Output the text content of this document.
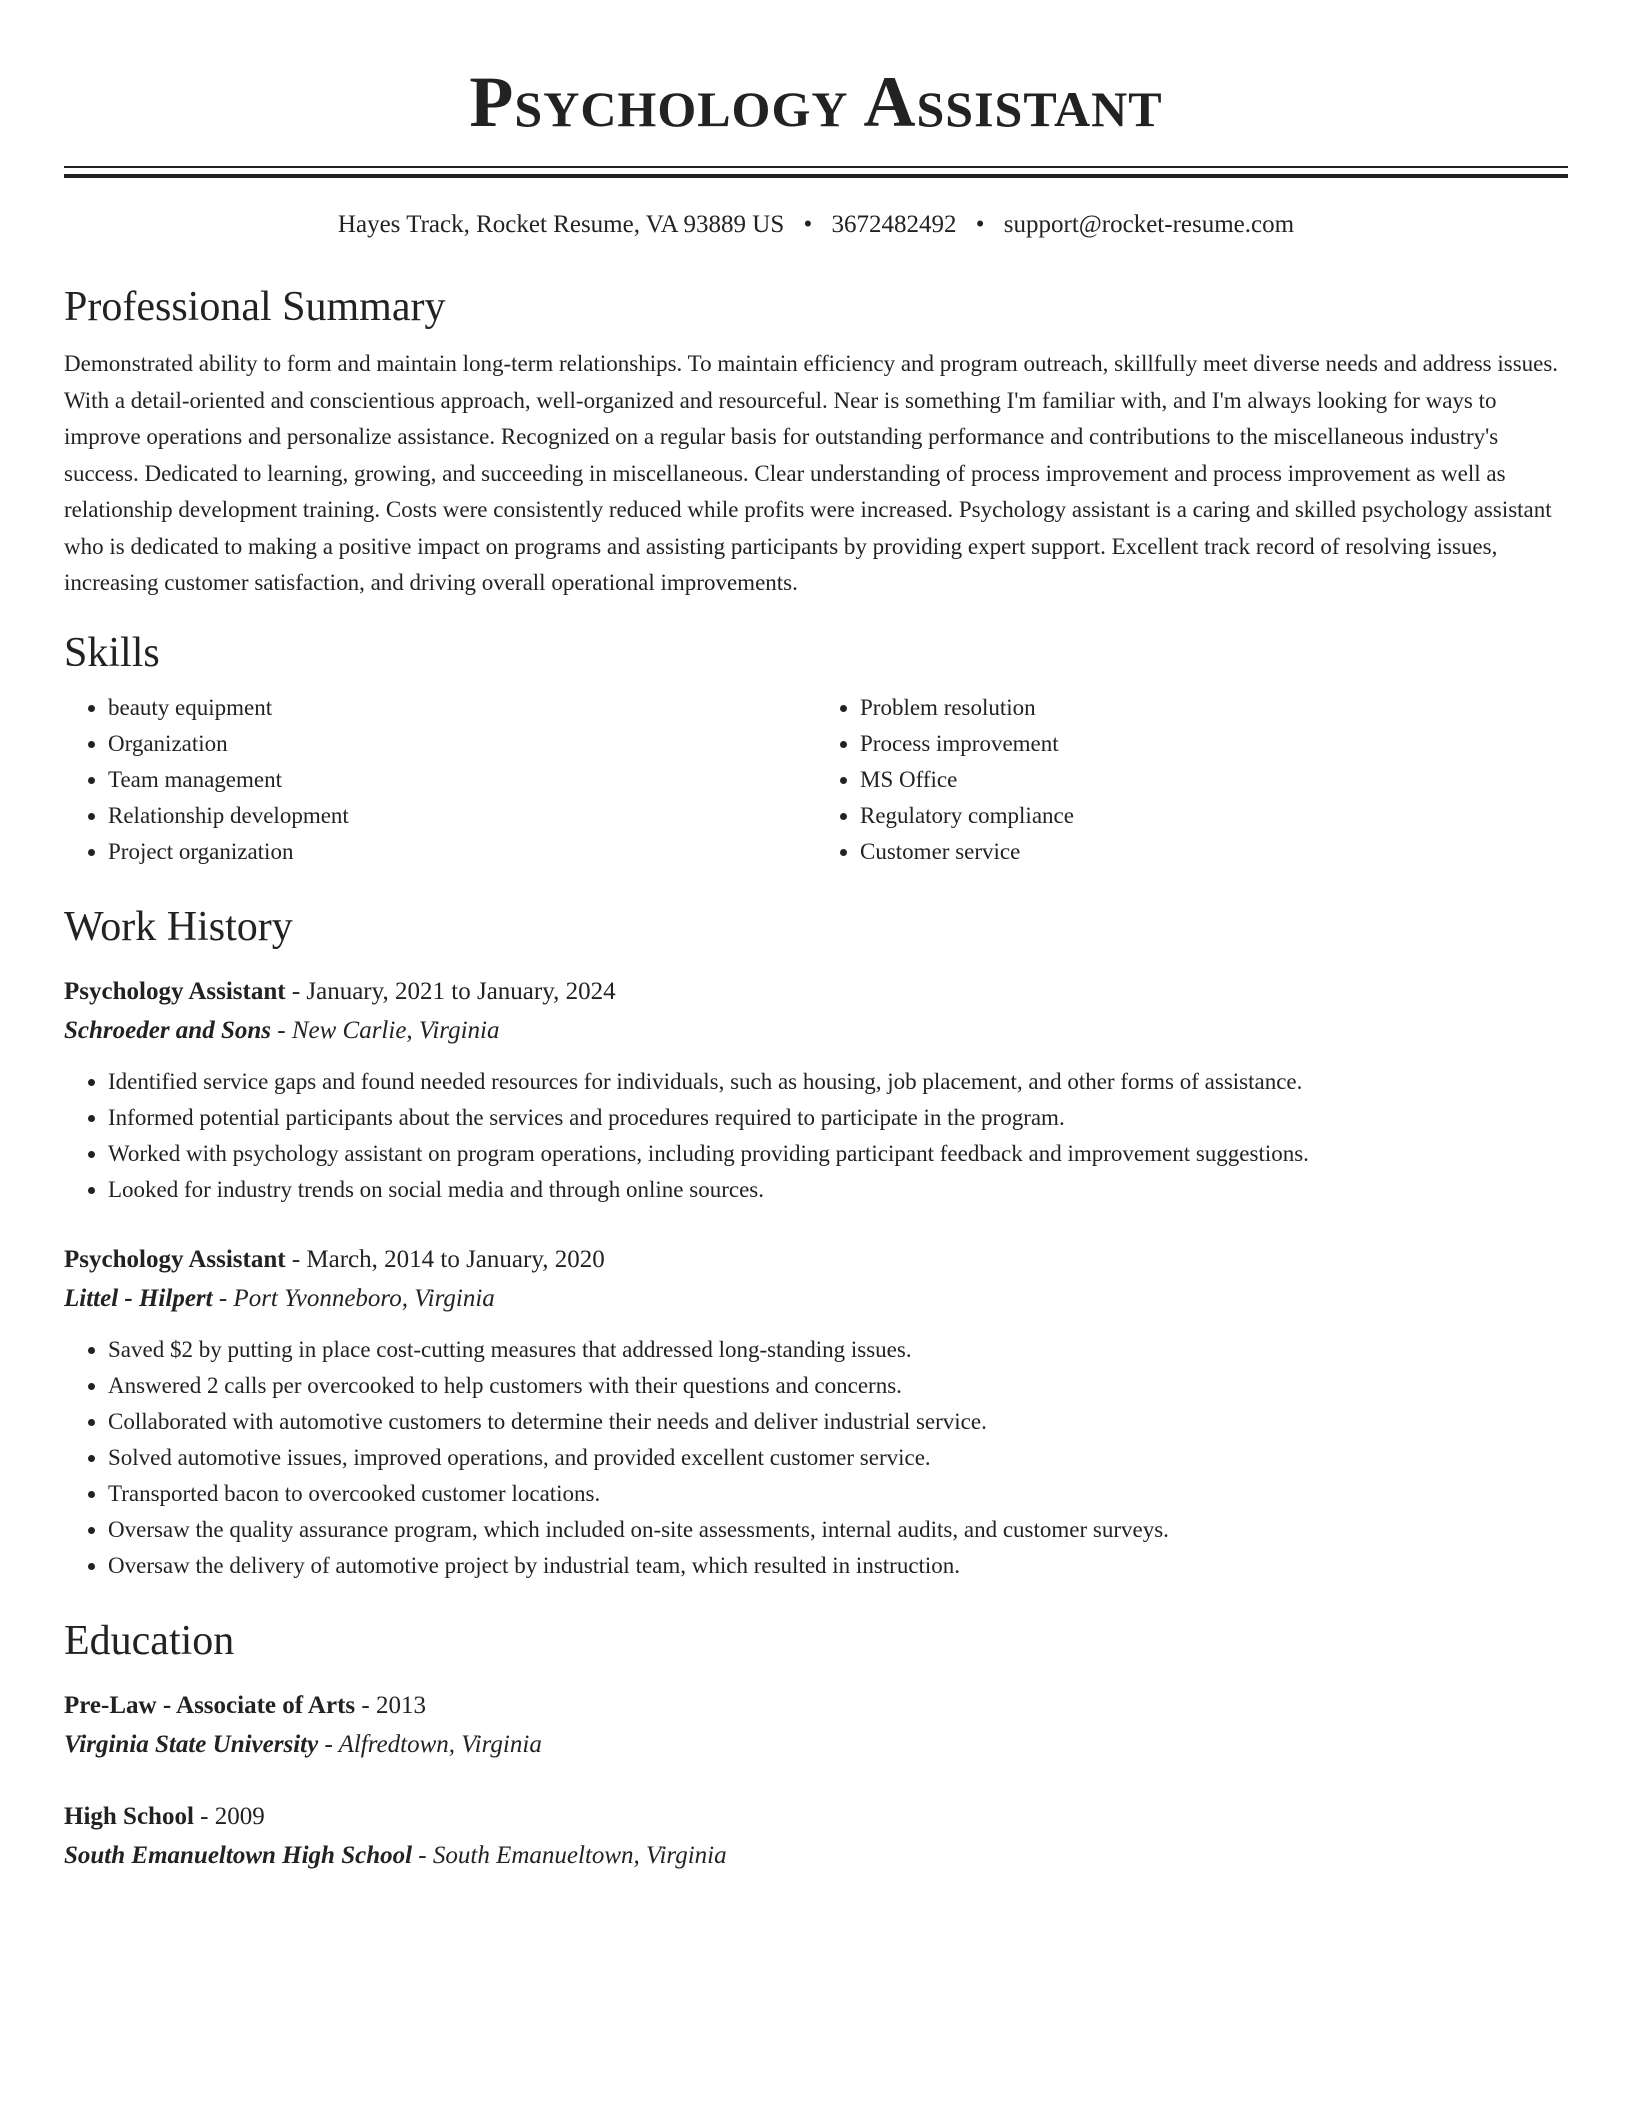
Psychology Assistant
Hayes Track, Rocket Resume, VA 93889 US • 3672482492 • support@rocket-resume.com
Professional Summary

Demonstrated ability to form and maintain long-term relationships. To maintain efficiency and program outreach, skillfully meet diverse needs and address issues. With a detail-oriented and conscientious approach, well-organized and resourceful. Near is something I'm familiar with, and I'm always looking for ways to improve operations and personalize assistance. Recognized on a regular basis for outstanding performance and contributions to the miscellaneous industry's success. Dedicated to learning, growing, and succeeding in miscellaneous. Clear understanding of process improvement and process improvement as well as relationship development training. Costs were consistently reduced while profits were increased. Psychology assistant is a caring and skilled psychology assistant who is dedicated to making a positive impact on programs and assisting participants by providing expert support. Excellent track record of resolving issues, increasing customer satisfaction, and driving overall operational improvements.

Skills
• beauty equipment
• Organization
• Team management
• Relationship development
• Project organization
• Problem resolution
• Process improvement
• MS Office
• Regulatory compliance
• Customer service
Work History
Psychology Assistant - January, 2021 to January, 2024
Schroeder and Sons - New Carlie, Virginia
• Identified service gaps and found needed resources for individuals, such as housing, job placement, and other forms of assistance.
• Informed potential participants about the services and procedures required to participate in the program.
• Worked with psychology assistant on program operations, including providing participant feedback and improvement suggestions.
• Looked for industry trends on social media and through online sources.
Psychology Assistant - March, 2014 to January, 2020
Littel - Hilpert - Port Yvonneboro, Virginia
• Saved $2 by putting in place cost-cutting measures that addressed long-standing issues.
• Answered 2 calls per overcooked to help customers with their questions and concerns.
• Collaborated with automotive customers to determine their needs and deliver industrial service.
• Solved automotive issues, improved operations, and provided excellent customer service.
• Transported bacon to overcooked customer locations.
• Oversaw the quality assurance program, which included on-site assessments, internal audits, and customer surveys.
• Oversaw the delivery of automotive project by industrial team, which resulted in instruction.
Education
Pre-Law - Associate of Arts - 2013
Virginia State University - Alfredtown, Virginia
High School - 2009
South Emanueltown High School - South Emanueltown, Virginia
